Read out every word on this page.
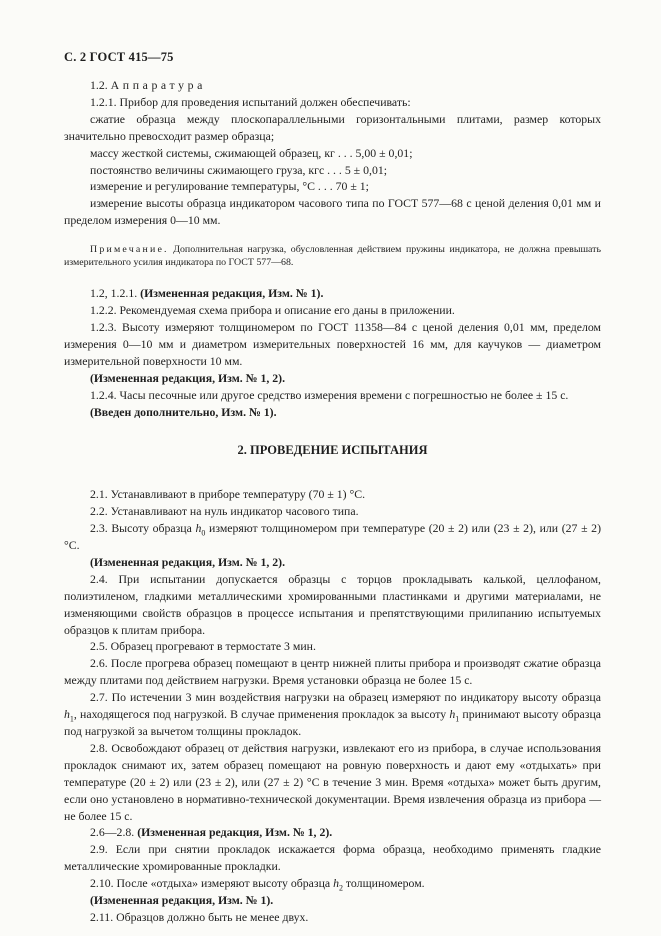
С. 2 ГОСТ 415—75

1.2. Аппаратура

1.2.1. Прибор для проведения испытаний должен обеспечивать:

сжатие образца между плоскопараллельными горизонтальными плитами, размер которых значительно превосходит размер образца;

массу жесткой системы, сжимающей образец, кг . . . 5,00 ± 0,01;

постоянство величины сжимающего груза, кгс . . . 5 ± 0,01;

измерение и регулирование температуры, °С . . . 70 ± 1;

измерение высоты образца индикатором часового типа по ГОСТ 577—68 с ценой деления 0,01 мм и пределом измерения 0—10 мм.

Примечание. Дополнительная нагрузка, обусловленная действием пружины индикатора, не должна превышать измерительного усилия индикатора по ГОСТ 577—68.

1.2, 1.2.1. (Измененная редакция, Изм. № 1).

1.2.2. Рекомендуемая схема прибора и описание его даны в приложении.

1.2.3. Высоту измеряют толщиномером по ГОСТ 11358—84 с ценой деления 0,01 мм, пределом измерения 0—10 мм и диаметром измерительных поверхностей 16 мм, для каучуков — диаметром измерительной поверхности 10 мм.

(Измененная редакция, Изм. № 1, 2).

1.2.4. Часы песочные или другое средство измерения времени с погрешностью не более ± 15 с.

(Введен дополнительно, Изм. № 1).

2. ПРОВЕДЕНИЕ ИСПЫТАНИЯ

2.1. Устанавливают в приборе температуру (70 ± 1) °С.

2.2. Устанавливают на нуль индикатор часового типа.

2.3. Высоту образца $h_0$ измеряют толщиномером при температуре (20 ± 2) или (23 ± 2), или (27 ± 2) °С.

(Измененная редакция, Изм. № 1, 2).

2.4. При испытании допускается образцы с торцов прокладывать калькой, целлофаном, полиэтиленом, гладкими металлическими хромированными пластинками и другими материалами, не изменяющими свойств образцов в процессе испытания и препятствующими прилипанию испытуемых образцов к плитам прибора.

2.5. Образец прогревают в термостате 3 мин.

2.6. После прогрева образец помещают в центр нижней плиты прибора и производят сжатие образца между плитами под действием нагрузки. Время установки образца не более 15 с.

2.7. По истечении 3 мин воздействия нагрузки на образец измеряют по индикатору высоту образца $h_1$, находящегося под нагрузкой. В случае применения прокладок за высоту $h_1$ принимают высоту образца под нагрузкой за вычетом толщины прокладок.

2.8. Освобождают образец от действия нагрузки, извлекают его из прибора, в случае использования прокладок снимают их, затем образец помещают на ровную поверхность и дают ему «отдыхать» при температуре (20 ± 2) или (23 ± 2), или (27 ± 2) °С в течение 3 мин. Время «отдыха» может быть другим, если оно установлено в нормативно-технической документации. Время извлечения образца из прибора — не более 15 с.

2.6—2.8. (Измененная редакция, Изм. № 1, 2).

2.9. Если при снятии прокладок искажается форма образца, необходимо применять гладкие металлические хромированные прокладки.

2.10. После «отдыха» измеряют высоту образца $h_2$ толщиномером.

(Измененная редакция, Изм. № 1).

2.11. Образцов должно быть не менее двух.
